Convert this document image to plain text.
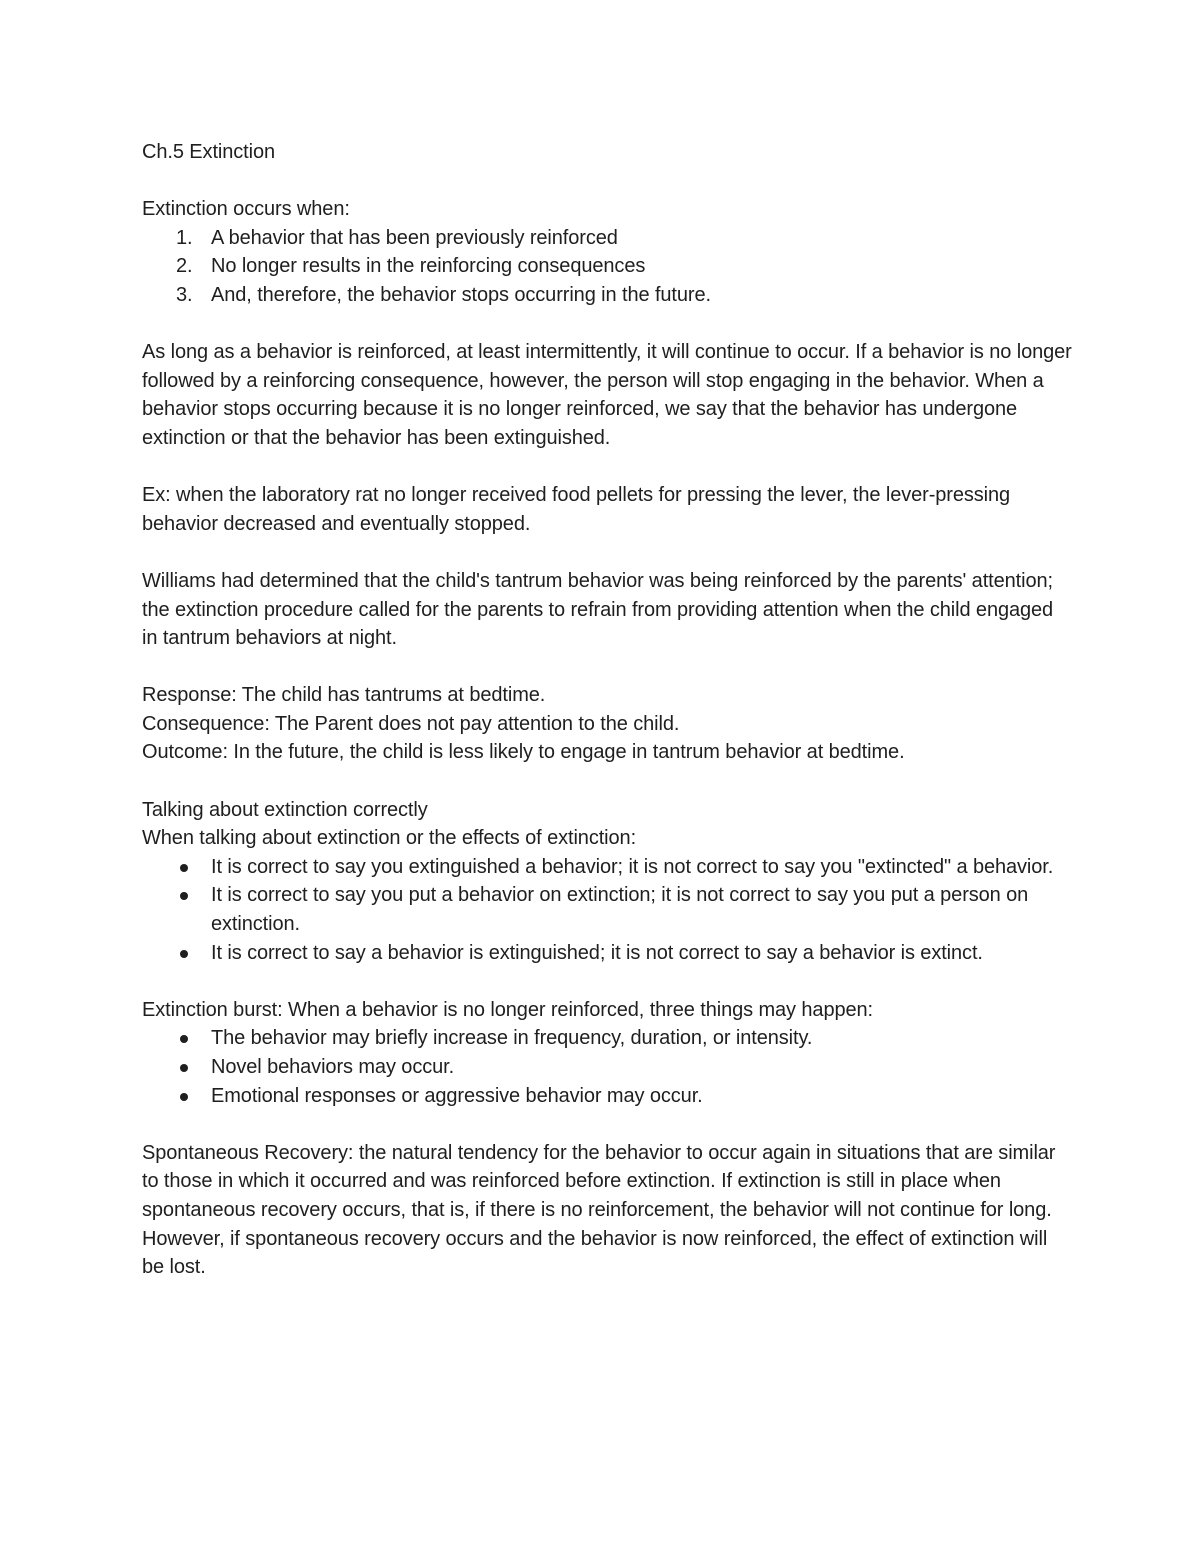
Ch.5 Extinction

Extinction occurs when:

1. A behavior that has been previously reinforced
2. No longer results in the reinforcing consequences
3. And, therefore, the behavior stops occurring in the future.

As long as a behavior is reinforced, at least intermittently, it will continue to occur. If a behavior is no longer followed by a reinforcing consequence, however, the person will stop engaging in the behavior. When a behavior stops occurring because it is no longer reinforced, we say that the behavior has undergone extinction or that the behavior has been extinguished.

Ex: when the laboratory rat no longer received food pellets for pressing the lever, the lever-pressing behavior decreased and eventually stopped.

Williams had determined that the child's tantrum behavior was being reinforced by the parents' attention; the extinction procedure called for the parents to refrain from providing attention when the child engaged in tantrum behaviors at night.

Response: The child has tantrums at bedtime.

Consequence: The Parent does not pay attention to the child.

Outcome: In the future, the child is less likely to engage in tantrum behavior at bedtime.

Talking about extinction correctly

When talking about extinction or the effects of extinction:

It is correct to say you extinguished a behavior; it is not correct to say you "extincted" a behavior.
It is correct to say you put a behavior on extinction; it is not correct to say you put a person on extinction.
It is correct to say a behavior is extinguished; it is not correct to say a behavior is extinct.

Extinction burst: When a behavior is no longer reinforced, three things may happen:

The behavior may briefly increase in frequency, duration, or intensity.
Novel behaviors may occur.
Emotional responses or aggressive behavior may occur.

Spontaneous Recovery: the natural tendency for the behavior to occur again in situations that are similar to those in which it occurred and was reinforced before extinction. If extinction is still in place when spontaneous recovery occurs, that is, if there is no reinforcement, the behavior will not continue for long. However, if spontaneous recovery occurs and the behavior is now reinforced, the effect of extinction will be lost.
